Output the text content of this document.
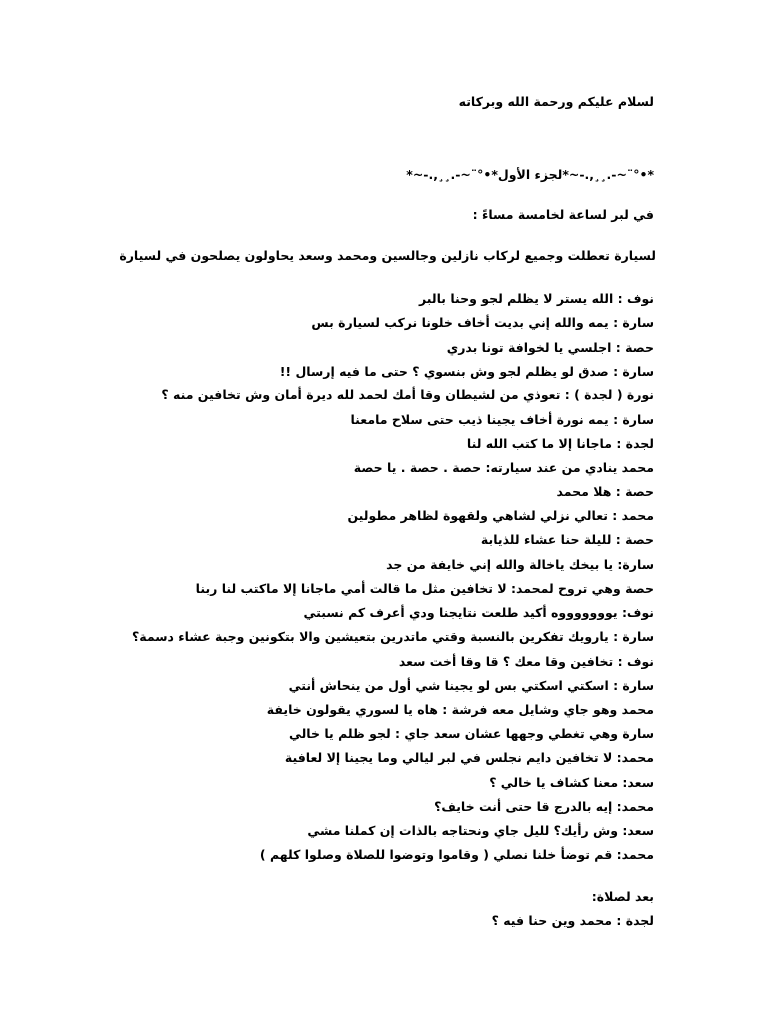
لسلام عليكم ورحمة الله وبركاته
*•°¨~-.¸¸,.-~*لجزء الأول*•°¨~-.¸¸,.-~*
في لبر لساعة لخامسة مساءً :
لسيارة تعطلت وجميع لركاب نازلين وجالسين ومحمد وسعد يحاولون يصلحون في لسيارة
نوف : الله يستر لا يظلم لجو وحنا بالبر
سارة : يمه والله إني بديت أخاف خلونا نركب لسيارة بس
حصة : اجلسي يا لخوافة تونا بدري
سارة : صدق لو يظلم لجو وش بنسوي ؟ حتى ما فيه إرسال !!
نورة ( لجدة ) : تعوذي من لشيطان وقا أمك لحمد لله ديرة أمان وش تخافين منه ؟
سارة : يمه نورة أخاف يجينا ذيب حتى سلاح مامعنا
لجدة : ماجانا إلا ما كتب الله لنا
محمد ينادي من عند سيارته: حصة . حصة . يا حصة
حصة : هلا محمد
محمد : تعالي نزلي لشاهي ولقهوة لظاهر مطولين
حصة : لليلة حنا عشاء للذيابة
سارة: يا بيخك ياخالة والله إني خايفة من جد
حصة وهي تروح لمحمد: لا تخافين مثل ما قالت أمي ماجانا إلا ماكتب لنا ربنا
نوف: يوووووووه أكيد طلعت نتايجنا ودي أعرف كم نسبتي
سارة : يارويك تفكرين بالنسبة وقتي ماتدرين بتعيشين والا بتكونين وجبة عشاء دسمة؟
نوف : تخافين وقا معك ؟ قا وقا أخت سعد
سارة : اسكتي اسكتي بس لو يجينا شي أول من ينحاش أنتي
محمد وهو جاي وشايل معه فرشة : هاه يا لسوري يقولون خايفة
سارة وهي تغطي وجهها عشان سعد جاي : لجو ظلم يا خالي
محمد: لا تخافين دايم نجلس في لبر ليالي وما يجينا إلا لعافية
سعد: معنا كشاف يا خالي ؟
محمد: إيه بالدرج قا حتى أنت خايف؟
سعد: وش رأيك؟ لليل جاي ونحتاجه بالذات إن كملنا مشي
محمد: قم توضأ خلنا نصلي ( وقاموا وتوضوا للصلاة وصلوا كلهم )
بعد لصلاة:
لجدة : محمد وين حنا فيه ؟
